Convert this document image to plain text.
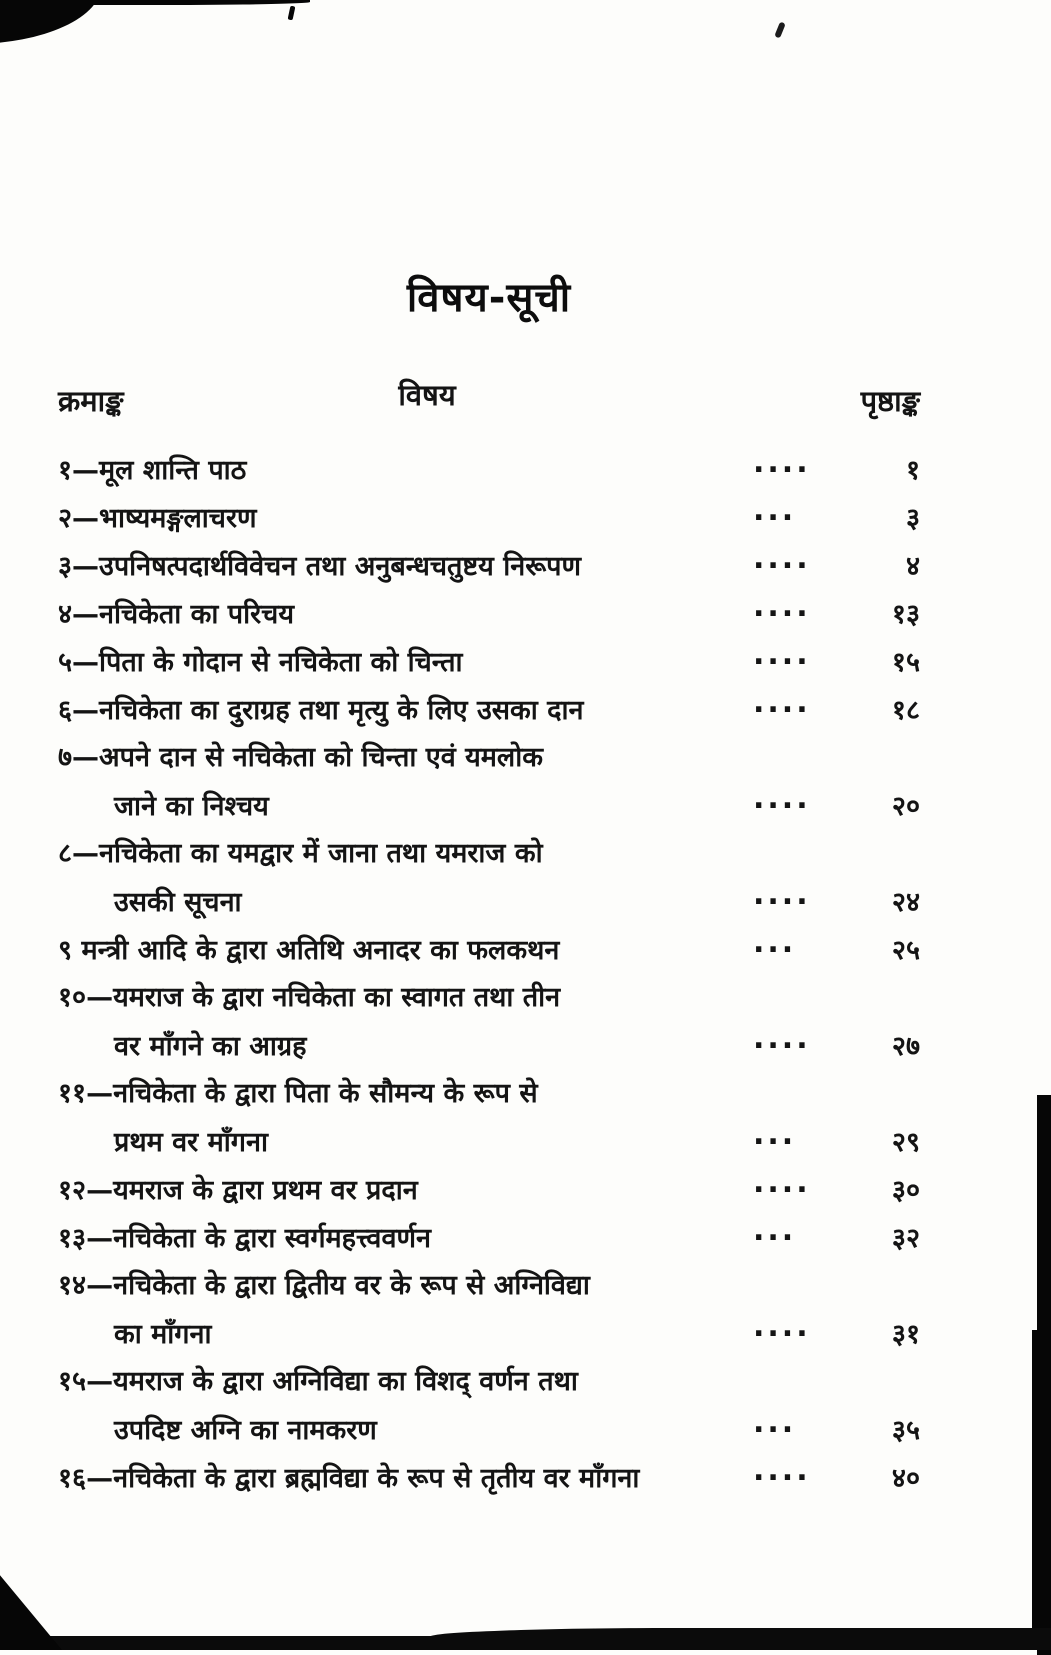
विषय-सूची
क्रमाङ्क	विषय	पृष्ठाङ्क
१—मूल शान्ति पाठ	....	१
२—भाष्यमङ्गलाचरण	...	३
३—उपनिषत्पदार्थविवेचन तथा अनुबन्धचतुष्टय निरूपण	....	४
४—नचिकेता का परिचय	....	१३
५—पिता के गोदान से नचिकेता को चिन्ता	....	१५
६—नचिकेता का दुराग्रह तथा मृत्यु के लिए उसका दान	....	१८
७—अपने दान से नचिकेता को चिन्ता एवं यमलोक
जाने का निश्चय	....	२०
८—नचिकेता का यमद्वार में जाना तथा यमराज को
उसकी सूचना	....	२४
९ मन्त्री आदि के द्वारा अतिथि अनादर का फलकथन	...	२५
१०—यमराज के द्वारा नचिकेता का स्वागत तथा तीन
वर माँगने का आग्रह	....	२७
११—नचिकेता के द्वारा पिता के सौमन्य के रूप से
प्रथम वर माँगना	...	२९
१२—यमराज के द्वारा प्रथम वर प्रदान	....	३०
१३—नचिकेता के द्वारा स्वर्गमहत्त्ववर्णन	...	३२
१४—नचिकेता के द्वारा द्वितीय वर के रूप से अग्निविद्या
का माँगना	....	३१
१५—यमराज के द्वारा अग्निविद्या का विशद् वर्णन तथा
उपदिष्ट अग्नि का नामकरण	...	३५
१६—नचिकेता के द्वारा ब्रह्मविद्या के रूप से तृतीय वर माँगना	....	४०
